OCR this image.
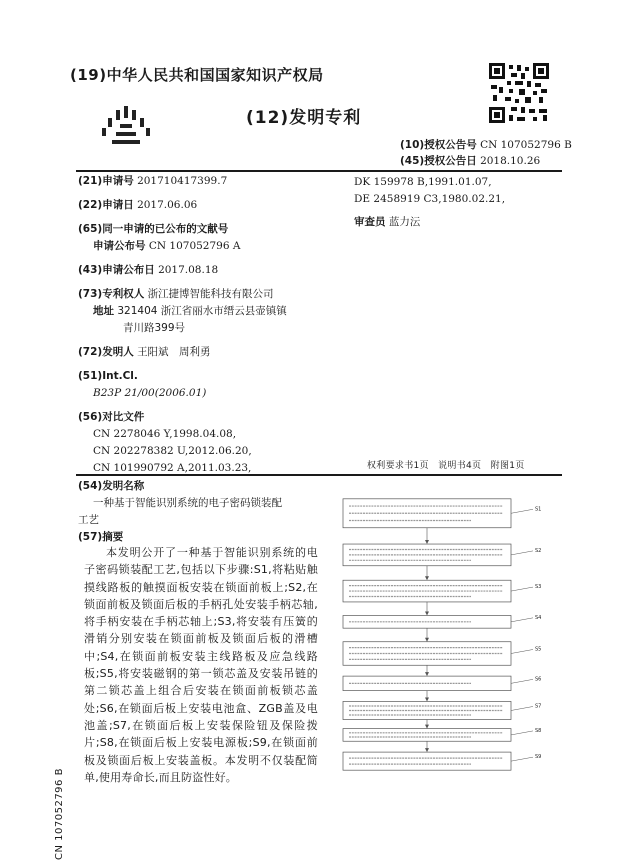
(19)中华人民共和国国家知识产权局
(12)发明专利
(10)授权公告号 CN 107052796 B
(45)授权公告日 2018.10.26
(21)申请号 201710417399.7
(22)申请日 2017.06.06
(65)同一申请的已公布的文献号
申请公布号 CN 107052796 A
(43)申请公布日 2017.08.18
(73)专利权人 浙江捷博智能科技有限公司
地址 321404 浙江省丽水市缙云县壶镇镇
青川路399号
(72)发明人 王阳斌　周利勇
(51)Int.Cl.
B23P 21/00(2006.01)
(56)对比文件
CN 2278046 Y,1998.04.08,
CN 202278382 U,2012.06.20,
CN 101990792 A,2011.03.23,
DK 159978 B,1991.01.07,
DE 2458919 C3,1980.02.21,
审查员 蓝力沄
权利要求书1页　说明书4页　附图1页
(54)发明名称
一种基于智能识别系统的电子密码锁装配
工艺
(57)摘要

本发明公开了一种基于智能识别系统的电子密码锁装配工艺,包括以下步骤:S1,将粘贴触摸线路板的触摸面板安装在锁面前板上;S2,在锁面前板及锁面后板的手柄孔处安装手柄芯轴,将手柄安装在手柄芯轴上;S3,将安装有压簧的滑销分别安装在锁面前板及锁面后板的滑槽中;S4,在锁面前板安装主线路板及应急线路板;S5,将安装磁钢的第一锁芯盖及安装吊链的第二锁芯盖上组合后安装在锁面前板锁芯盖处;S6,在锁面后板上安装电池盒、ZGB盖及电池盖;S7,在锁面后板上安装保险钮及保险拨片;S8,在锁面后板上安装电源板;S9,在锁面前板及锁面后板上安装盖板。本发明不仅装配简单,使用寿命长,而且防盗性好。

S1
S2
S3
S4
S5
S6
S7
S8
S9
CN 107052796 B
